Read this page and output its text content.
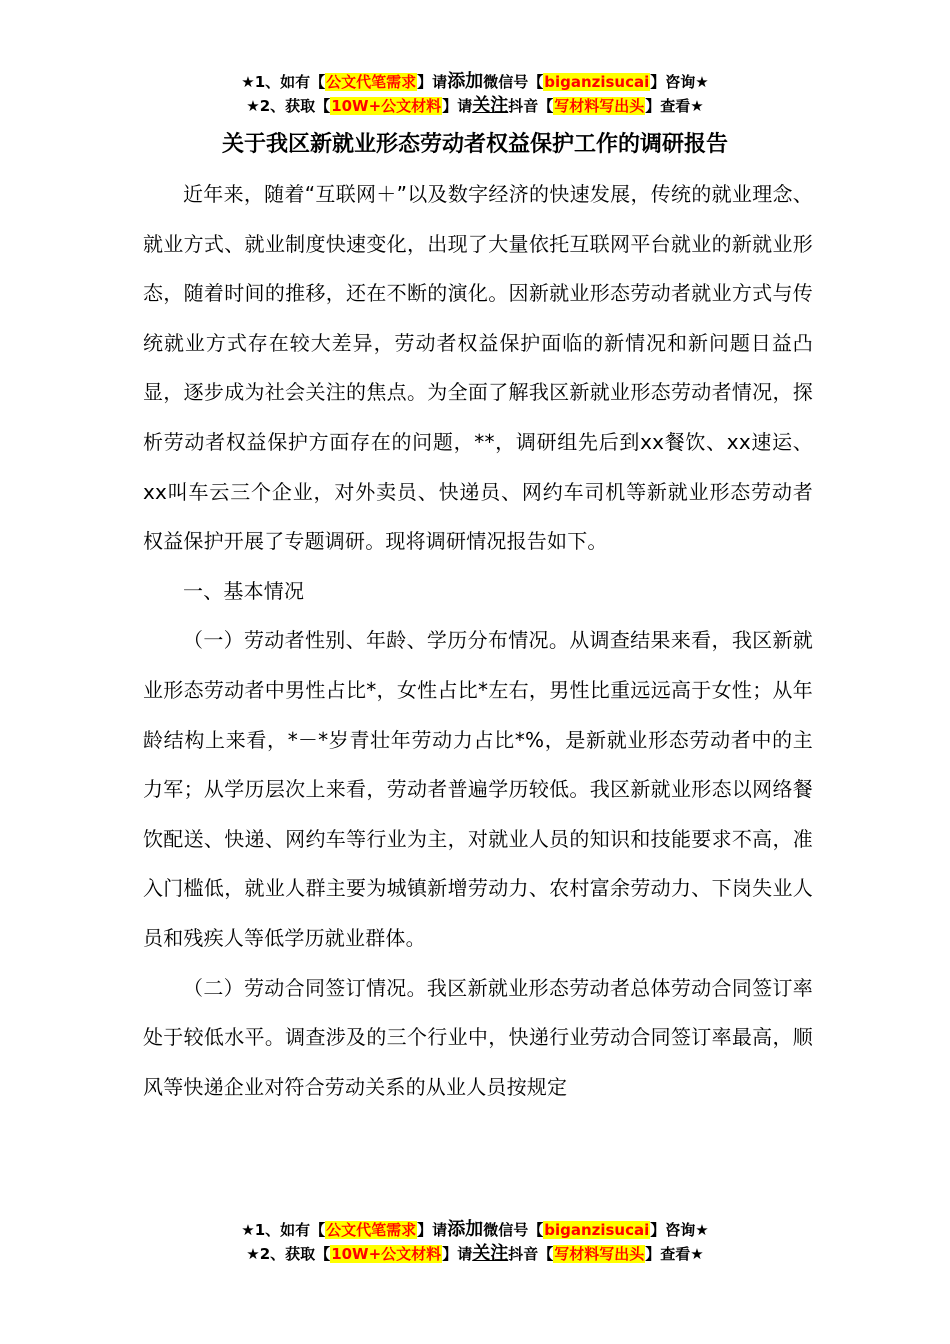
★1、如有【公文代笔需求】请添加微信号【biganzisucai】咨询★
★2、获取【10W+公文材料】请关注抖音【写材料写出头】查看★
关于我区新就业形态劳动者权益保护工作的调研报告

近年来，随着“互联网＋”以及数字经济的快速发展，传统的就业理念、就业方式、就业制度快速变化，出现了大量依托互联网平台就业的新就业形态，随着时间的推移，还在不断的演化。因新就业形态劳动者就业方式与传统就业方式存在较大差异，劳动者权益保护面临的新情况和新问题日益凸显，逐步成为社会关注的焦点。为全面了解我区新就业形态劳动者情况，探析劳动者权益保护方面存在的问题，**，调研组先后到xx餐饮、xx速运、xx叫车云三个企业，对外卖员、快递员、网约车司机等新就业形态劳动者权益保护开展了专题调研。现将调研情况报告如下。

一、基本情况

（一）劳动者性别、年龄、学历分布情况。从调查结果来看，我区新就业形态劳动者中男性占比*，女性占比*左右，男性比重远远高于女性；从年龄结构上来看，*－*岁青壮年劳动力占比*%，是新就业形态劳动者中的主力军；从学历层次上来看，劳动者普遍学历较低。我区新就业形态以网络餐饮配送、快递、网约车等行业为主，对就业人员的知识和技能要求不高，准入门槛低，就业人群主要为城镇新增劳动力、农村富余劳动力、下岗失业人员和残疾人等低学历就业群体。

（二）劳动合同签订情况。我区新就业形态劳动者总体劳动合同签订率处于较低水平。调查涉及的三个行业中，快递行业劳动合同签订率最高，顺风等快递企业对符合劳动关系的从业人员按规定

★1、如有【公文代笔需求】请添加微信号【biganzisucai】咨询★
★2、获取【10W+公文材料】请关注抖音【写材料写出头】查看★
